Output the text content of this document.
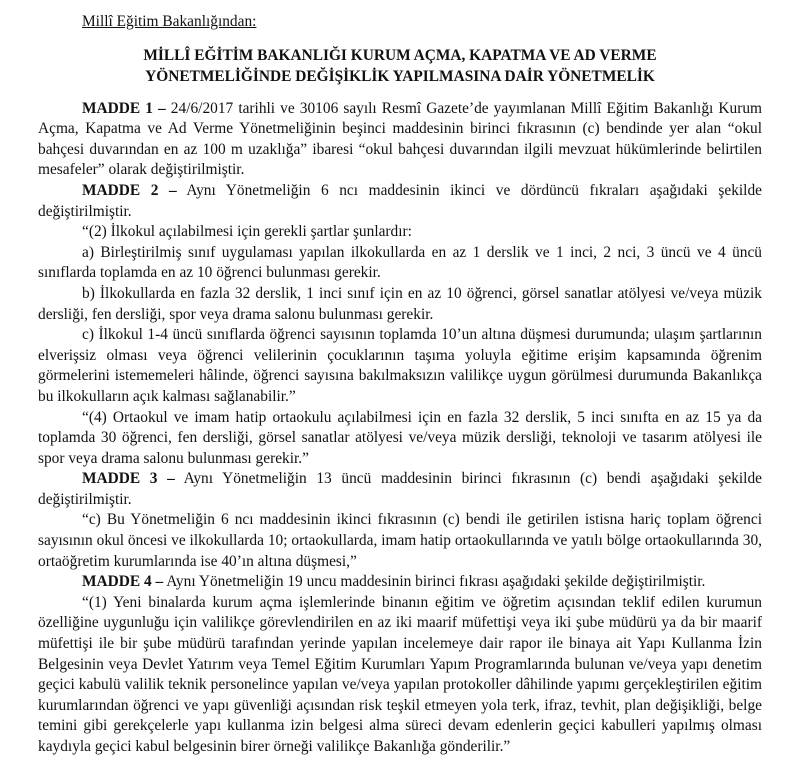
Millî Eğitim Bakanlığından:
MİLLÎ EĞİTİM BAKANLIĞI KURUM AÇMA, KAPATMA VE AD VERME
YÖNETMELİĞİNDE DEĞİŞİKLİK YAPILMASINA DAİR YÖNETMELİK

MADDE 1 – 24/6/2017 tarihli ve 30106 sayılı Resmî Gazete’de yayımlanan Millî Eğitim Bakanlığı Kurum Açma, Kapatma ve Ad Verme Yönetmeliğinin beşinci maddesinin birinci fıkrasının (c) bendinde yer alan “okul bahçesi duvarından en az 100 m uzaklığa” ibaresi “okul bahçesi duvarından ilgili mevzuat hükümlerinde belirtilen mesafeler” olarak değiştirilmiştir.

MADDE 2 – Aynı Yönetmeliğin 6 ncı maddesinin ikinci ve dördüncü fıkraları aşağıdaki şekilde değiştirilmiştir.

“(2) İlkokul açılabilmesi için gerekli şartlar şunlardır:

a) Birleştirilmiş sınıf uygulaması yapılan ilkokullarda en az 1 derslik ve 1 inci, 2 nci, 3 üncü ve 4 üncü sınıflarda toplamda en az 10 öğrenci bulunması gerekir.

b) İlkokullarda en fazla 32 derslik, 1 inci sınıf için en az 10 öğrenci, görsel sanatlar atölyesi ve/veya müzik dersliği, fen dersliği, spor veya drama salonu bulunması gerekir.

c) İlkokul 1-4 üncü sınıflarda öğrenci sayısının toplamda 10’un altına düşmesi durumunda; ulaşım şartlarının elverişsiz olması veya öğrenci velilerinin çocuklarının taşıma yoluyla eğitime erişim kapsamında öğrenim görmelerini istememeleri hâlinde, öğrenci sayısına bakılmaksızın valilikçe uygun görülmesi durumunda Bakanlıkça bu ilkokulların açık kalması sağlanabilir.”

“(4) Ortaokul ve imam hatip ortaokulu açılabilmesi için en fazla 32 derslik, 5 inci sınıfta en az 15 ya da toplamda 30 öğrenci, fen dersliği, görsel sanatlar atölyesi ve/veya müzik dersliği, teknoloji ve tasarım atölyesi ile spor veya drama salonu bulunması gerekir.”

MADDE 3 – Aynı Yönetmeliğin 13 üncü maddesinin birinci fıkrasının (c) bendi aşağıdaki şekilde değiştirilmiştir.

“c) Bu Yönetmeliğin 6 ncı maddesinin ikinci fıkrasının (c) bendi ile getirilen istisna hariç toplam öğrenci sayısının okul öncesi ve ilkokullarda 10; ortaokullarda, imam hatip ortaokullarında ve yatılı bölge ortaokullarında 30, ortaöğretim kurumlarında ise 40’ın altına düşmesi,”

MADDE 4 – Aynı Yönetmeliğin 19 uncu maddesinin birinci fıkrası aşağıdaki şekilde değiştirilmiştir.

“(1) Yeni binalarda kurum açma işlemlerinde binanın eğitim ve öğretim açısından teklif edilen kurumun özelliğine uygunluğu için valilikçe görevlendirilen en az iki maarif müfettişi veya iki şube müdürü ya da bir maarif müfettişi ile bir şube müdürü tarafından yerinde yapılan incelemeye dair rapor ile binaya ait Yapı Kullanma İzin Belgesinin veya Devlet Yatırım veya Temel Eğitim Kurumları Yapım Programlarında bulunan ve/veya yapı denetim geçici kabulü valilik teknik personelince yapılan ve/veya yapılan protokoller dâhilinde yapımı gerçekleştirilen eğitim kurumlarından öğrenci ve yapı güvenliği açısından risk teşkil etmeyen yola terk, ifraz, tevhit, plan değişikliği, belge temini gibi gerekçelerle yapı kullanma izin belgesi alma süreci devam edenlerin geçici kabulleri yapılmış olması kaydıyla geçici kabul belgesinin birer örneği valilikçe Bakanlığa gönderilir.”
